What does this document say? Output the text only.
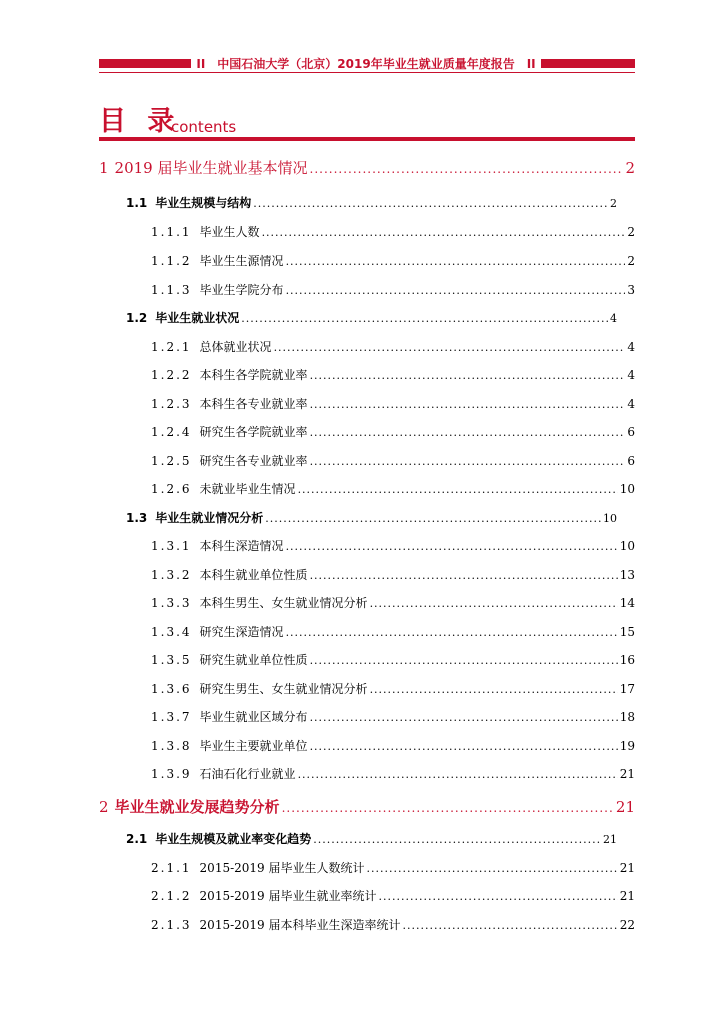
II　中国石油大学（北京）2019年毕业生就业质量年度报告　II
目 录
contents
1 2019 届毕业生就业基本情况 .....	2
1.1 毕业生规模与结构 .....	2
1.1.1 毕业生人数 .....	2
1.1.2 毕业生生源情况 .....	2
1.1.3 毕业生学院分布 .....	3
1.2 毕业生就业状况 .....	4
1.2.1 总体就业状况 .....	4
1.2.2 本科生各学院就业率 .....	4
1.2.3 本科生各专业就业率 .....	4
1.2.4 研究生各学院就业率 .....	6
1.2.5 研究生各专业就业率 .....	6
1.2.6 未就业毕业生情况 .....	10
1.3 毕业生就业情况分析 .....	10
1.3.1 本科生深造情况 .....	10
1.3.2 本科生就业单位性质 .....	13
1.3.3 本科生男生、女生就业情况分析 .....	14
1.3.4 研究生深造情况 .....	15
1.3.5 研究生就业单位性质 .....	16
1.3.6 研究生男生、女生就业情况分析 .....	17
1.3.7 毕业生就业区域分布 .....	18
1.3.8 毕业生主要就业单位 .....	19
1.3.9 石油石化行业就业 .....	21
2 毕业生就业发展趋势分析 .....	21
2.1 毕业生规模及就业率变化趋势 .....	21
2.1.1 2015-2019 届毕业生人数统计 .....	21
2.1.2 2015-2019 届毕业生就业率统计 .....	21
2.1.3 2015-2019 届本科毕业生深造率统计 .....	22
